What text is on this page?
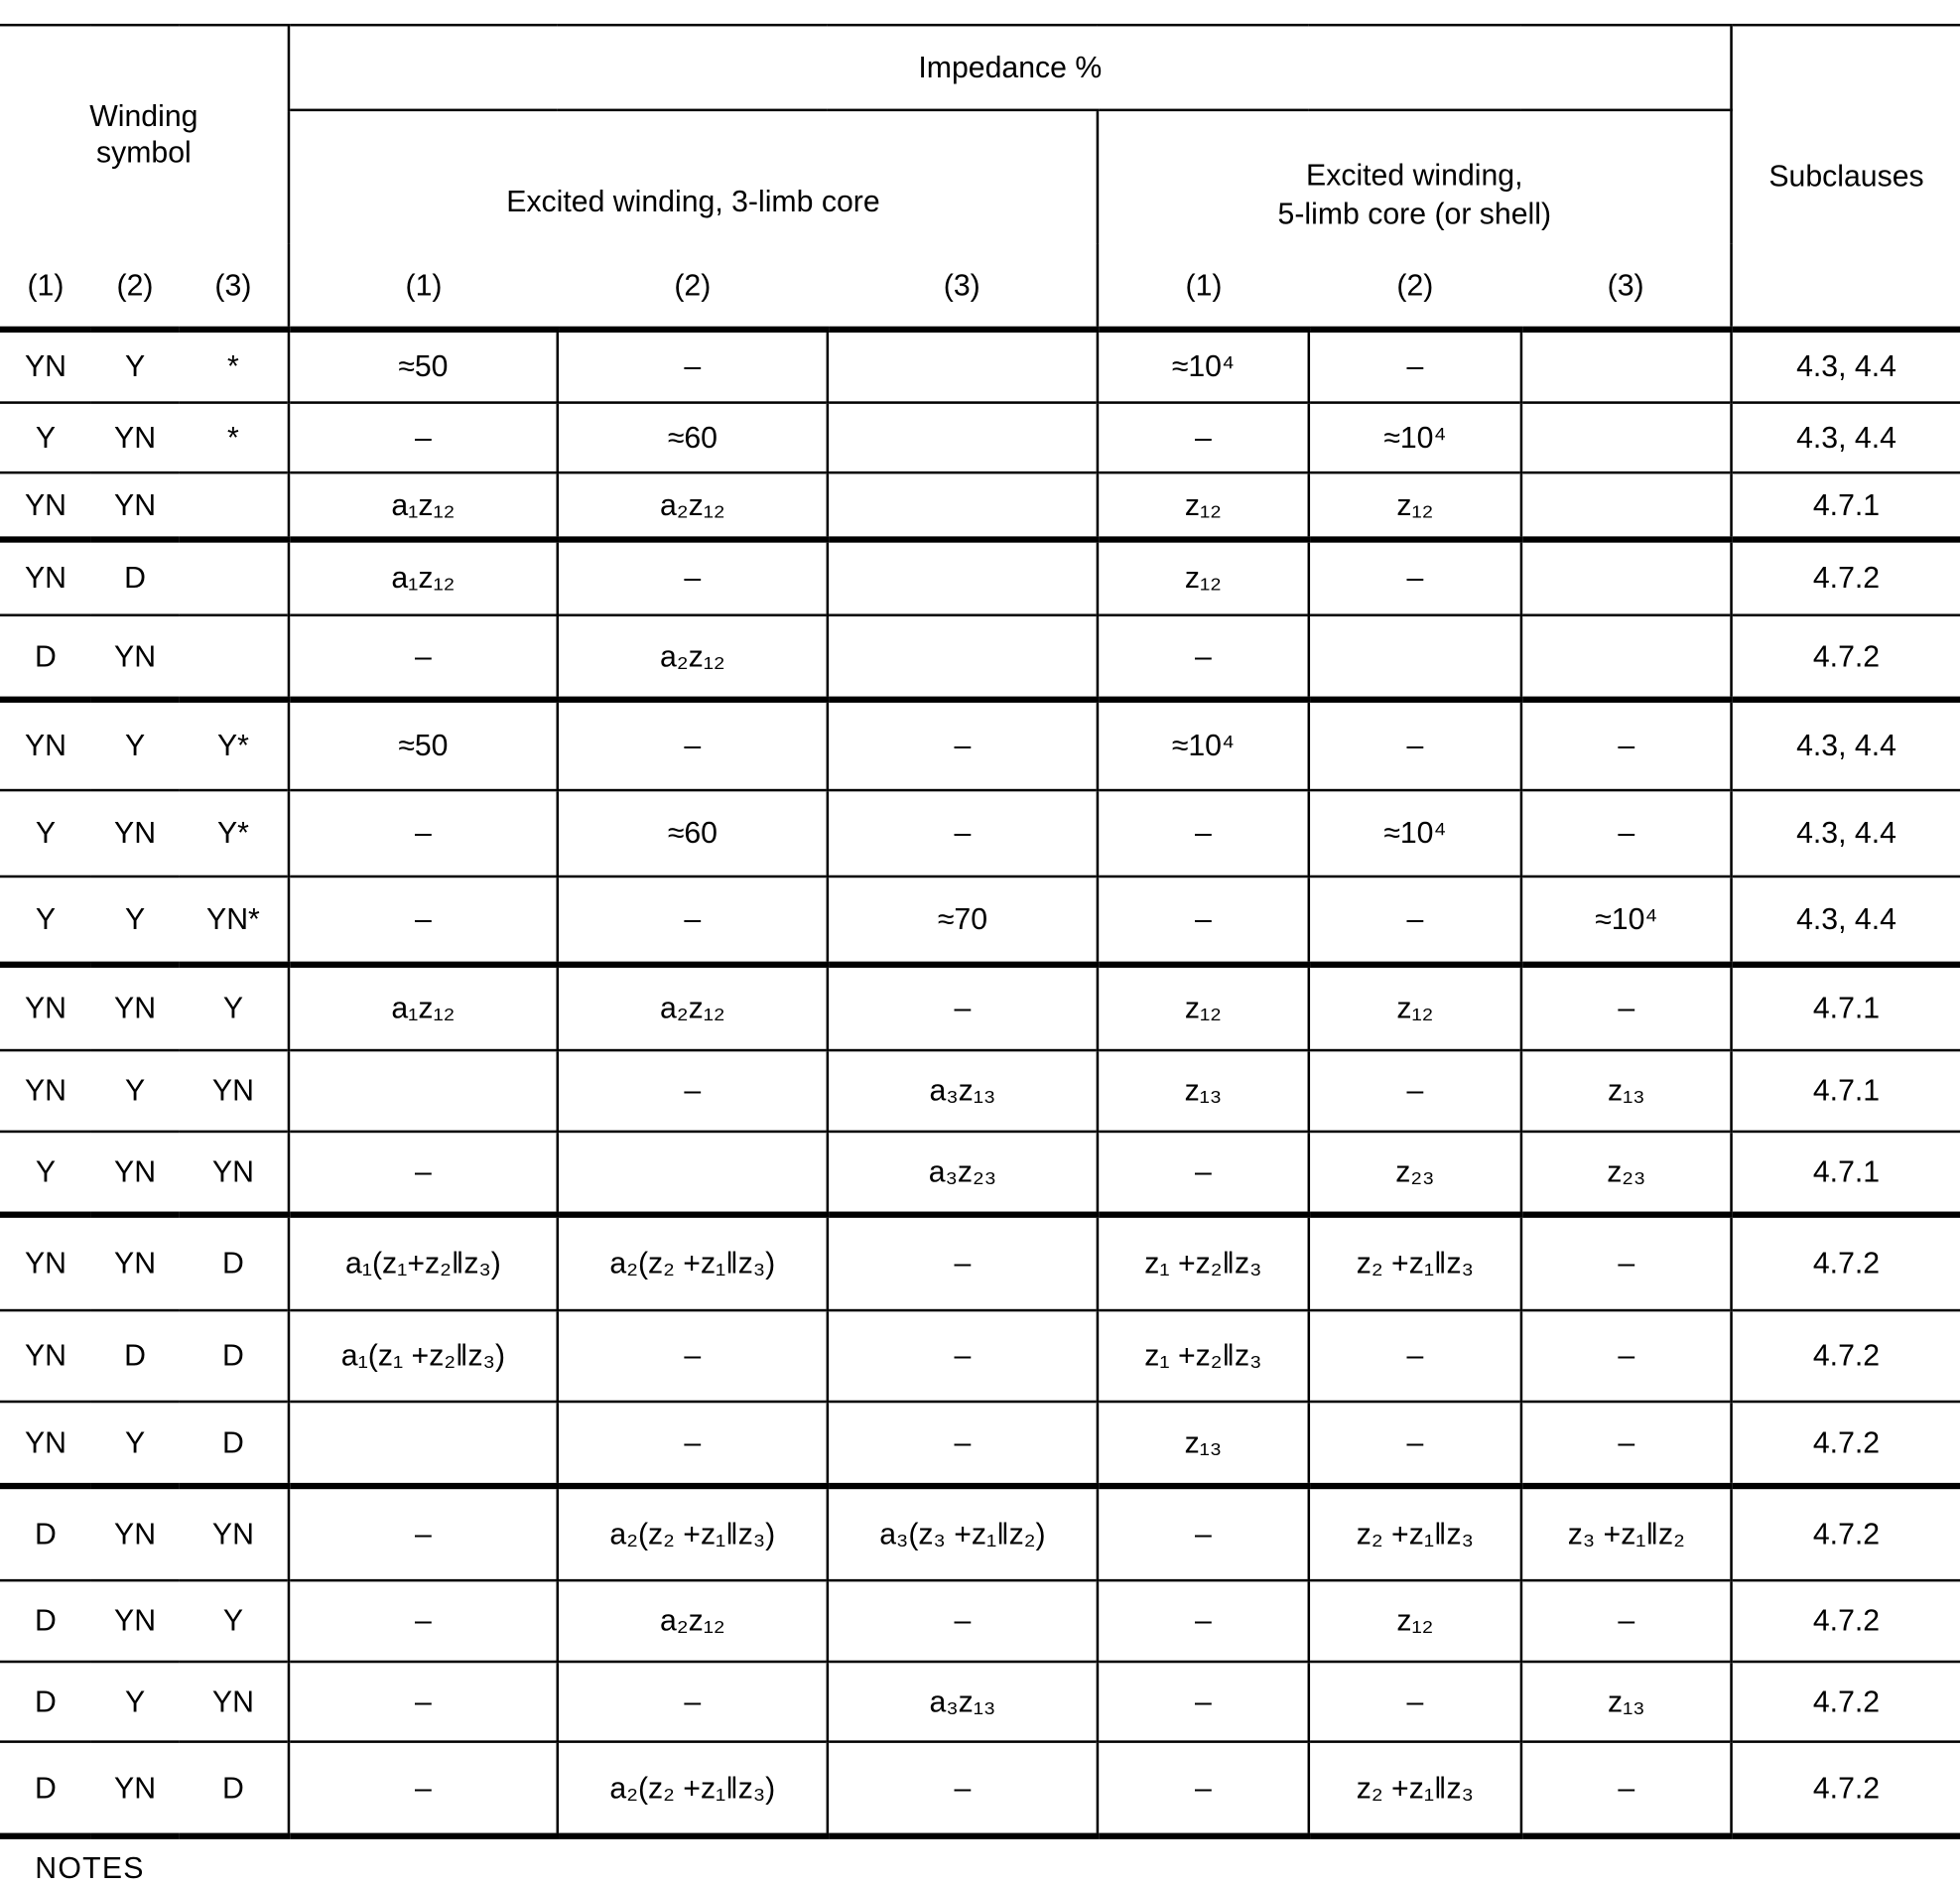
Winding symbol			Impedance %						Subclauses
			Excited winding, 3-limb core			Excited winding,
5-limb core (or shell)			
(1)	(2)	(3)	(1)	(2)	(3)	(1)	(2)	(3)	
YN	Y	*	≈50	–		≈10⁴	–		4.3, 4.4
Y	YN	*	–	≈60		–	≈10⁴		4.3, 4.4
YN	YN		a₁z₁₂	a₂z₁₂		z₁₂	z₁₂		4.7.1
YN	D		a₁z₁₂	–		z₁₂	–		4.7.2
D	YN		–	a₂z₁₂		–			4.7.2
YN	Y	Y*	≈50	–	–	≈10⁴	–	–	4.3, 4.4
Y	YN	Y*	–	≈60	–	–	≈10⁴	–	4.3, 4.4
Y	Y	YN*	–	–	≈70	–	–	≈10⁴	4.3, 4.4
YN	YN	Y	a₁z₁₂	a₂z₁₂	–	z₁₂	z₁₂	–	4.7.1
YN	Y	YN		–	a₃z₁₃	z₁₃	–	z₁₃	4.7.1
Y	YN	YN	–		a₃z₂₃	–	z₂₃	z₂₃	4.7.1
YN	YN	D	a₁(z₁+z₂‖z₃)	a₂(z₂ +z₁‖z₃)	–	z₁ +z₂‖z₃	z₂ +z₁‖z₃	–	4.7.2
YN	D	D	a₁(z₁ +z₂‖z₃)	–	–	z₁ +z₂‖z₃	–	–	4.7.2
YN	Y	D		–	–	z₁₃	–	–	4.7.2
D	YN	YN	–	a₂(z₂ +z₁‖z₃)	a₃(z₃ +z₁‖z₂)	–	z₂ +z₁‖z₃	z₃ +z₁‖z₂	4.7.2
D	YN	Y	–	a₂z₁₂	–	–	z₁₂	–	4.7.2
D	Y	YN	–	–	a₃z₁₃	–	–	z₁₃	4.7.2
D	YN	D	–	a₂(z₂ +z₁‖z₃)	–	–	z₂ +z₁‖z₃	–	4.7.2
NOTES
